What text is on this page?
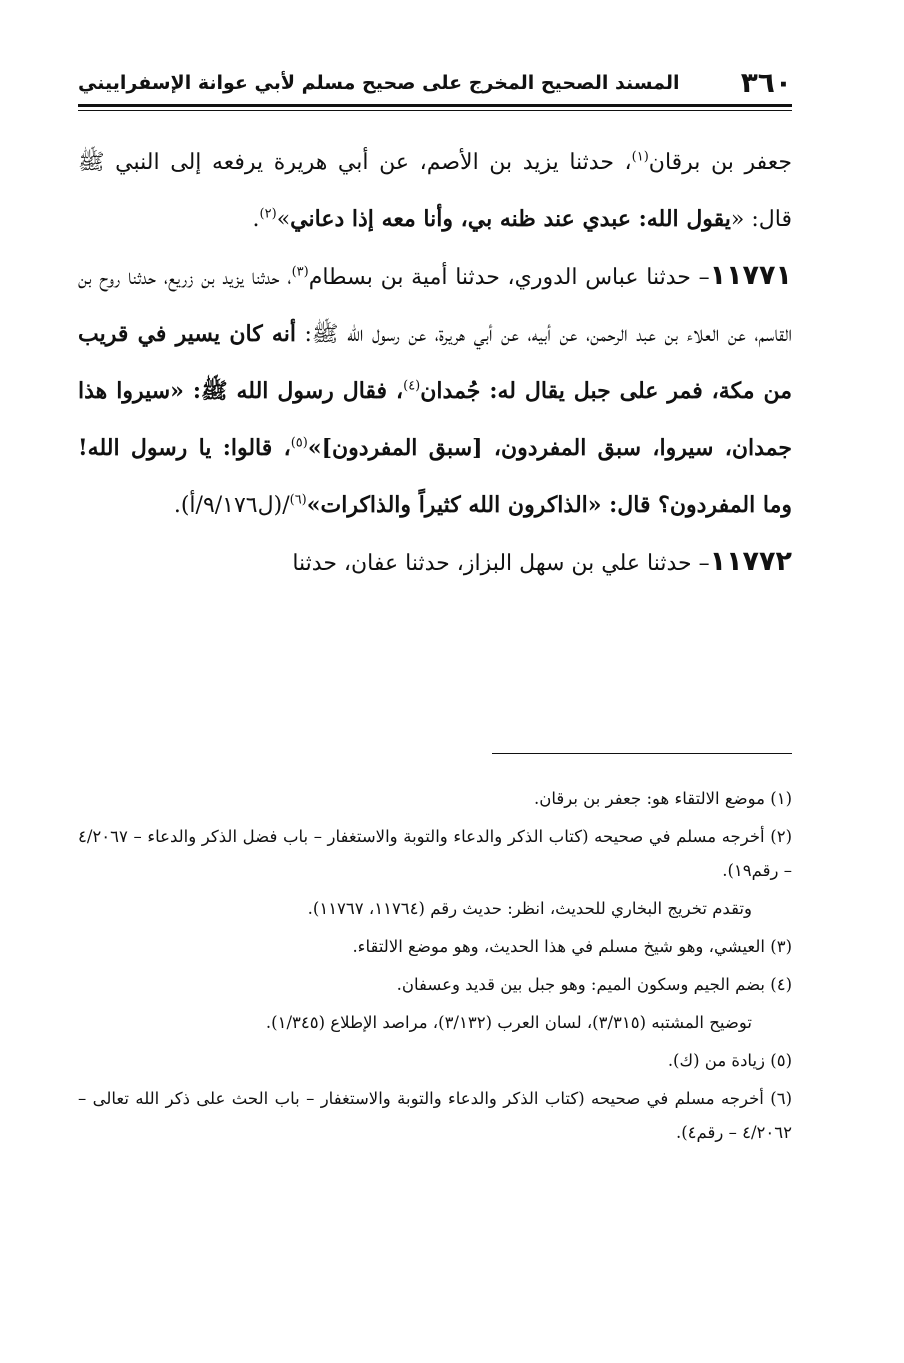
٣٦٠
المسند الصحيح المخرج على صحيح مسلم لأبي عوانة الإسفراييني

جعفر بن برقان$^{(١)}$، حدثنا يزيد بن الأصم، عن أبي هريرة يرفعه إلى النبي ﷺ قال: «يقول الله: عبدي عند ظنه بي، وأنا معه إذا دعاني»$^{(٢)}$.

١١٧٧١– حدثنا عباس الدوري، حدثنا أمية بن بسطام$^{(٣)}$، حدثنا يزيد بن زريع، حدثنا روح بن القاسم، عن العلاء بن عبد الرحمن، عن أبيه، عن أبي هريرة، عن رسول الله ﷺ: أنه كان يسير في قريب من مكة، فمر على جبل يقال له: جُمدان$^{(٤)}$، فقال رسول الله ﷺ: «سيروا هذا جمدان، سيروا، سبق المفردون، [سبق المفردون]»$^{(٥)}$، قالوا: يا رسول الله! وما المفردون؟ قال: «الذاكرون الله كثيراً والذاكرات»$^{(٦)}$/(ل٩/١٧٦/أ).

١١٧٧٢– حدثنا علي بن سهل البزاز، حدثنا عفان، حدثنا

(١) موضع الالتقاء هو: جعفر بن برقان.

(٢) أخرجه مسلم في صحيحه (كتاب الذكر والدعاء والتوبة والاستغفار – باب فضل الذكر والدعاء – ٤/٢٠٦٧ – رقم١٩).

وتقدم تخريج البخاري للحديث، انظر: حديث رقم (١١٧٦٤، ١١٧٦٧).

(٣) العيشي، وهو شيخ مسلم في هذا الحديث، وهو موضع الالتقاء.

(٤) بضم الجيم وسكون الميم: وهو جبل بين قديد وعسفان.

توضيح المشتبه (٣/٣١٥)، لسان العرب (٣/١٣٢)، مراصد الإطلاع (١/٣٤٥).

(٥) زيادة من (ك).

(٦) أخرجه مسلم في صحيحه (كتاب الذكر والدعاء والتوبة والاستغفار – باب الحث على ذكر الله تعالى – ٤/٢٠٦٢ – رقم٤).
